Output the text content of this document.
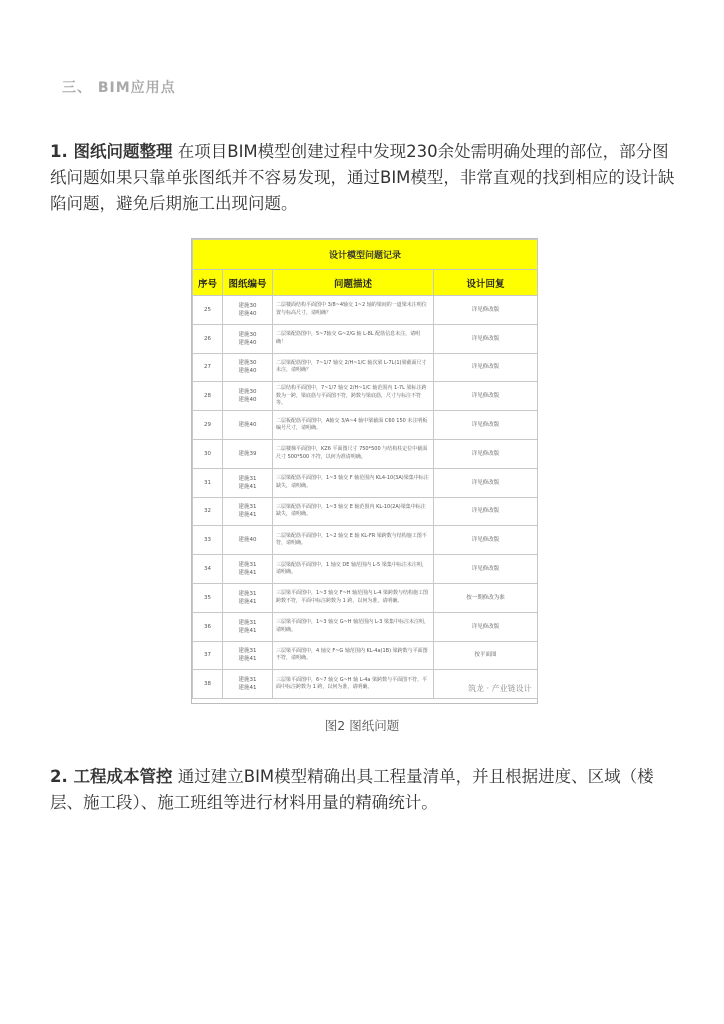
三、 BIM应用点
1. 图纸问题整理 在项目BIM模型创建过程中发现230余处需明确处理的部位，部分图纸问题如果只靠单张图纸并不容易发现，通过BIM模型，非常直观的找到相应的设计缺陷问题，避免后期施工出现问题。
设计模型问题记录			
序号	图纸编号	问题描述	设计回复
25	建施30
建施40	二层楼面结构平面图中 3/8~4轴交 1~2 轴的梁间的一道梁未注明位置与标高尺寸，请明确？	详见修改版
26	建施30
建施40	二层梁配筋图中，5~7轴交 G~2/G 轴 L-8L 配筋信息未注，请明确！	详见修改版
27	建施30
建施40	二层梁配筋图中，7~1/7 轴交 2/H~1/C 轴次梁 L-7L(1)梁截面尺寸未注，请明确？	详见修改版
28	建施30
建施40	二层结构平面图中，7~1/7 轴交 2/H~1/C 轴范围内 1-7L 梁标注跨数为一跨，梁底筋与平面图不符，跨数与梁底筋，尺寸与标注不符等。	详见修改版
29	建施40	二层板配筋平面图中，A轴交 3/A~4 轴中梁截面 C60 150 未注明板编号尺寸，请明确。	详见修改版
30	建施39	二层楼梯平面图中，KZ6 平面图尺寸 750*500 与结构柱定位中截面尺寸 500*500 不符，以何为准请明确。	详见修改版
31	建施31
建施41	三层梁配筋平面图中，1~3 轴交 F 轴范围内 KL4-10(3A)梁集中标注缺失，请明确。	详见修改版
32	建施31
建施41	三层梁配筋平面图中，1~3 轴交 E 轴范围内 KL-10(2A)梁集中标注缺失，请明确。	详见修改版
33	建施40	二层梁配筋平面图中，1~2 轴交 E 轴 KL-FR 梁跨数与结构施工图不符，请明确。	详见修改版
34	建施31
建施41	三层梁配筋平面图中，1 轴交 DE 轴范围内 L-5 梁集中标注未注明，请明确。	详见修改版
35	建施31
建施41	三层梁平面图中，1~3 轴交 F~H 轴范围内 L-4 梁跨数与结构施工图跨数不符，平面中标注跨数为 1 跨，以何为准，请明确。	按一期修改为准
36	建施31
建施41	三层梁平面图中，1~3 轴交 G~H 轴范围内 L-3 梁集中标注未注明，请明确。	详见修改版
37	建施31
建施41	三层梁平面图中，4 轴交 F~G 轴范围内 KL-4a(1B) 梁跨数与平面图不符，请明确。	按平面图
38	建施31
建施41	三层梁平面图中，6~7 轴交 G~H 轴 L-4a 梁跨数与平面图不符，平面中标注跨数为 1 跨，以何为准，请明确。		筑龙 · 产业链设计
图2 图纸问题
2. 工程成本管控 通过建立BIM模型精确出具工程量清单，并且根据进度、区域（楼层、施工段）、施工班组等进行材料用量的精确统计。
